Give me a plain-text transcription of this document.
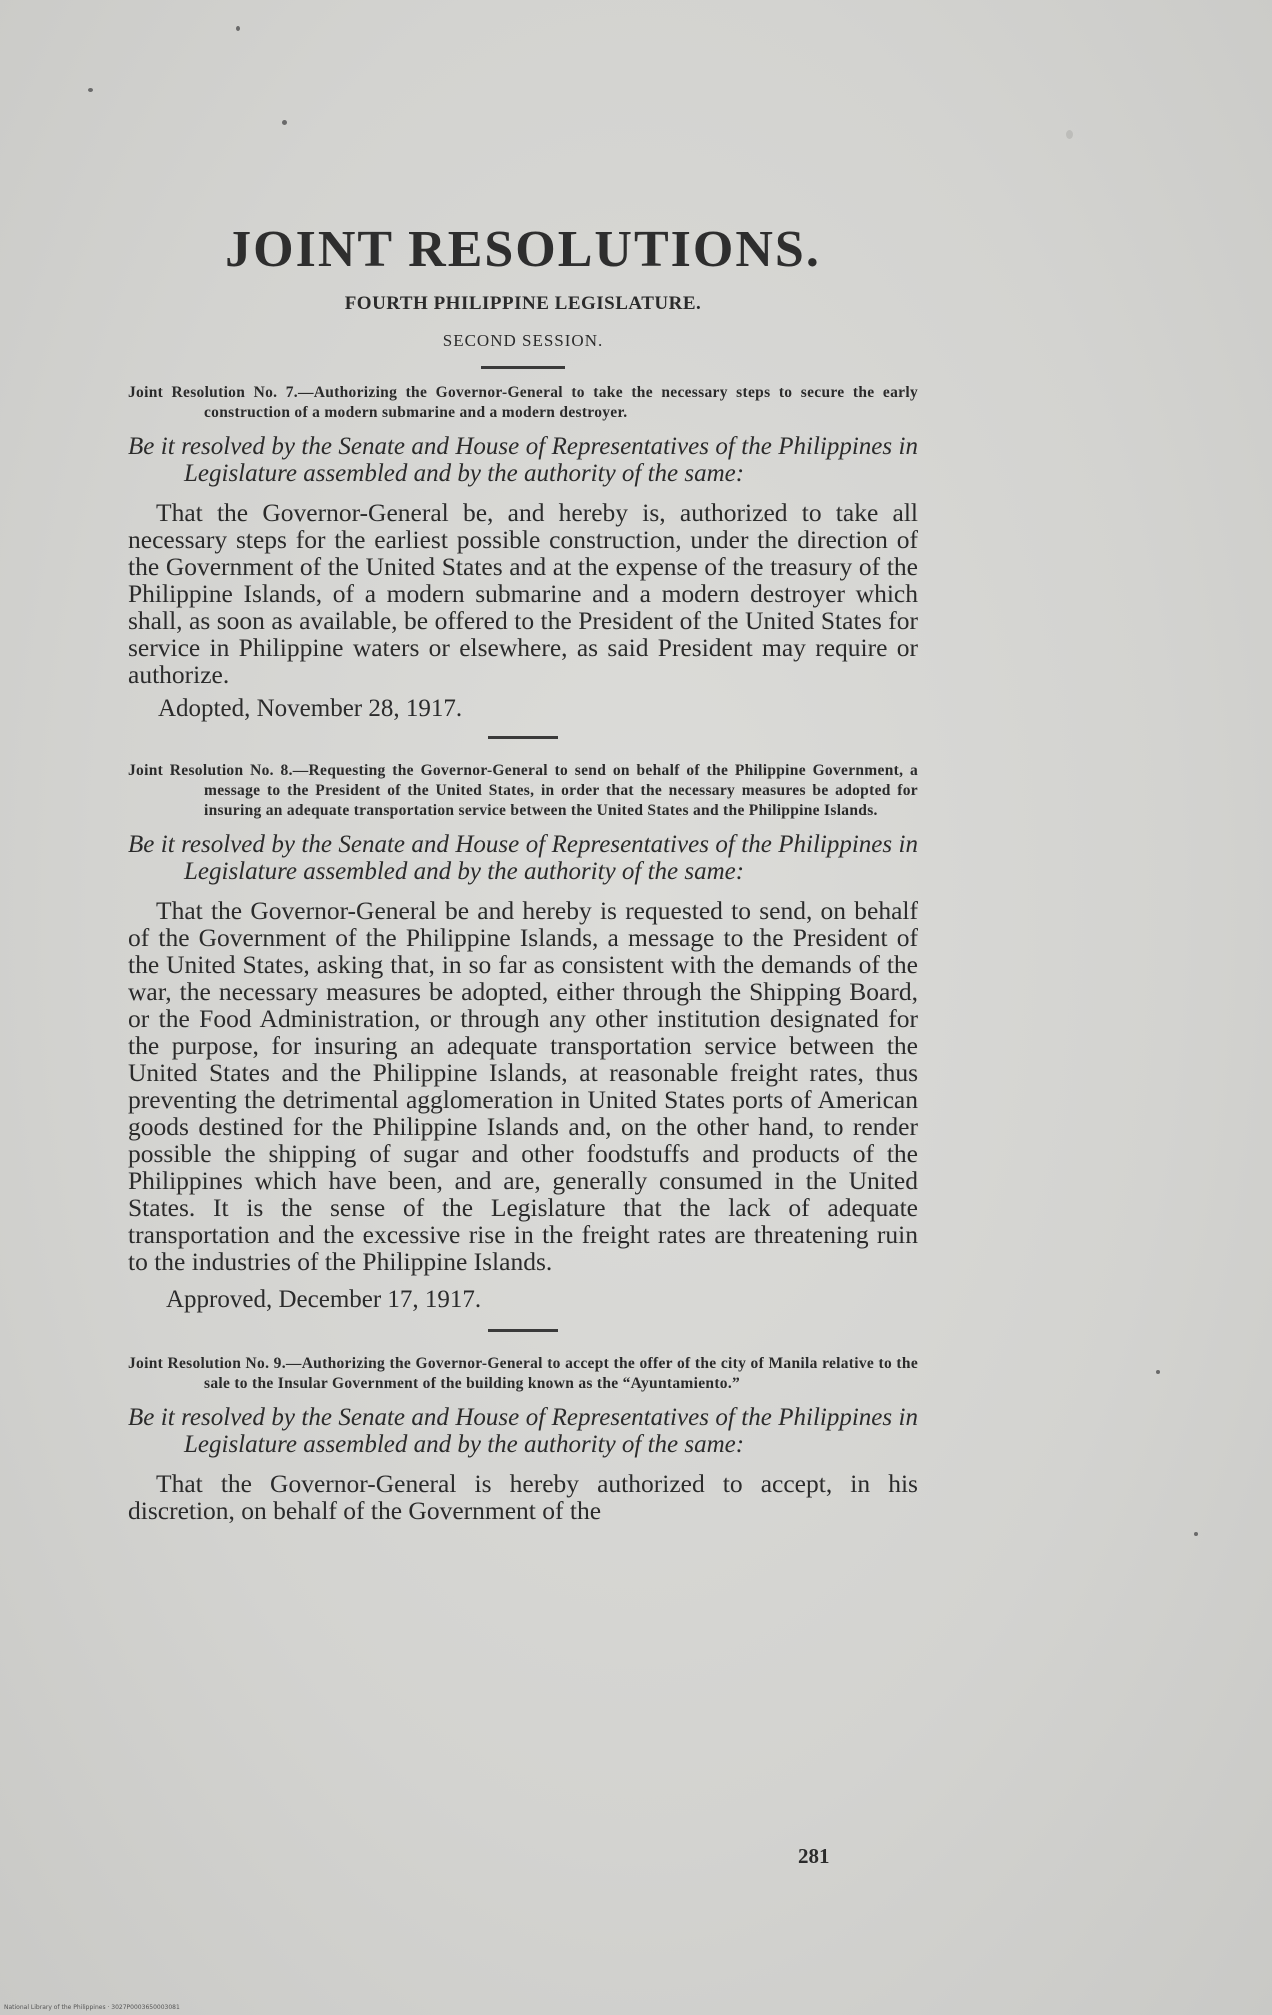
JOINT RESOLUTIONS.
FOURTH PHILIPPINE LEGISLATURE.
SECOND SESSION.

Joint Resolution No. 7.—Authorizing the Governor-General to take the necessary steps to secure the early construction of a modern submarine and a modern destroyer.

Be it resolved by the Senate and House of Representatives of the Philippines in Legislature assembled and by the authority of the same:

That the Governor-General be, and hereby is, authorized to take all necessary steps for the earliest possible construction, under the direction of the Government of the United States and at the expense of the treasury of the Philippine Islands, of a modern submarine and a modern destroyer which shall, as soon as available, be offered to the President of the United States for service in Philippine waters or elsewhere, as said President may require or authorize.

Adopted, November 28, 1917.

Joint Resolution No. 8.—Requesting the Governor-General to send on behalf of the Philippine Government, a message to the President of the United States, in order that the necessary measures be adopted for insuring an adequate transportation service between the United States and the Philippine Islands.

Be it resolved by the Senate and House of Representatives of the Philippines in Legislature assembled and by the authority of the same:

That the Governor-General be and hereby is requested to send, on behalf of the Government of the Philippine Islands, a message to the President of the United States, asking that, in so far as consistent with the demands of the war, the necessary measures be adopted, either through the Shipping Board, or the Food Administration, or through any other institution designated for the purpose, for insuring an adequate transportation service between the United States and the Philippine Islands, at reasonable freight rates, thus preventing the detrimental agglomeration in United States ports of American goods destined for the Philippine Islands and, on the other hand, to render possible the shipping of sugar and other foodstuffs and products of the Philippines which have been, and are, generally consumed in the United States. It is the sense of the Legislature that the lack of adequate transportation and the excessive rise in the freight rates are threatening ruin to the industries of the Philippine Islands.

Approved, December 17, 1917.

Joint Resolution No. 9.—Authorizing the Governor-General to accept the offer of the city of Manila relative to the sale to the Insular Government of the building known as the “Ayuntamiento.”

Be it resolved by the Senate and House of Representatives of the Philippines in Legislature assembled and by the authority of the same:

That the Governor-General is hereby authorized to accept, in his discretion, on behalf of the Government of the

281
National Library of the Philippines · 3027P0003650003081
